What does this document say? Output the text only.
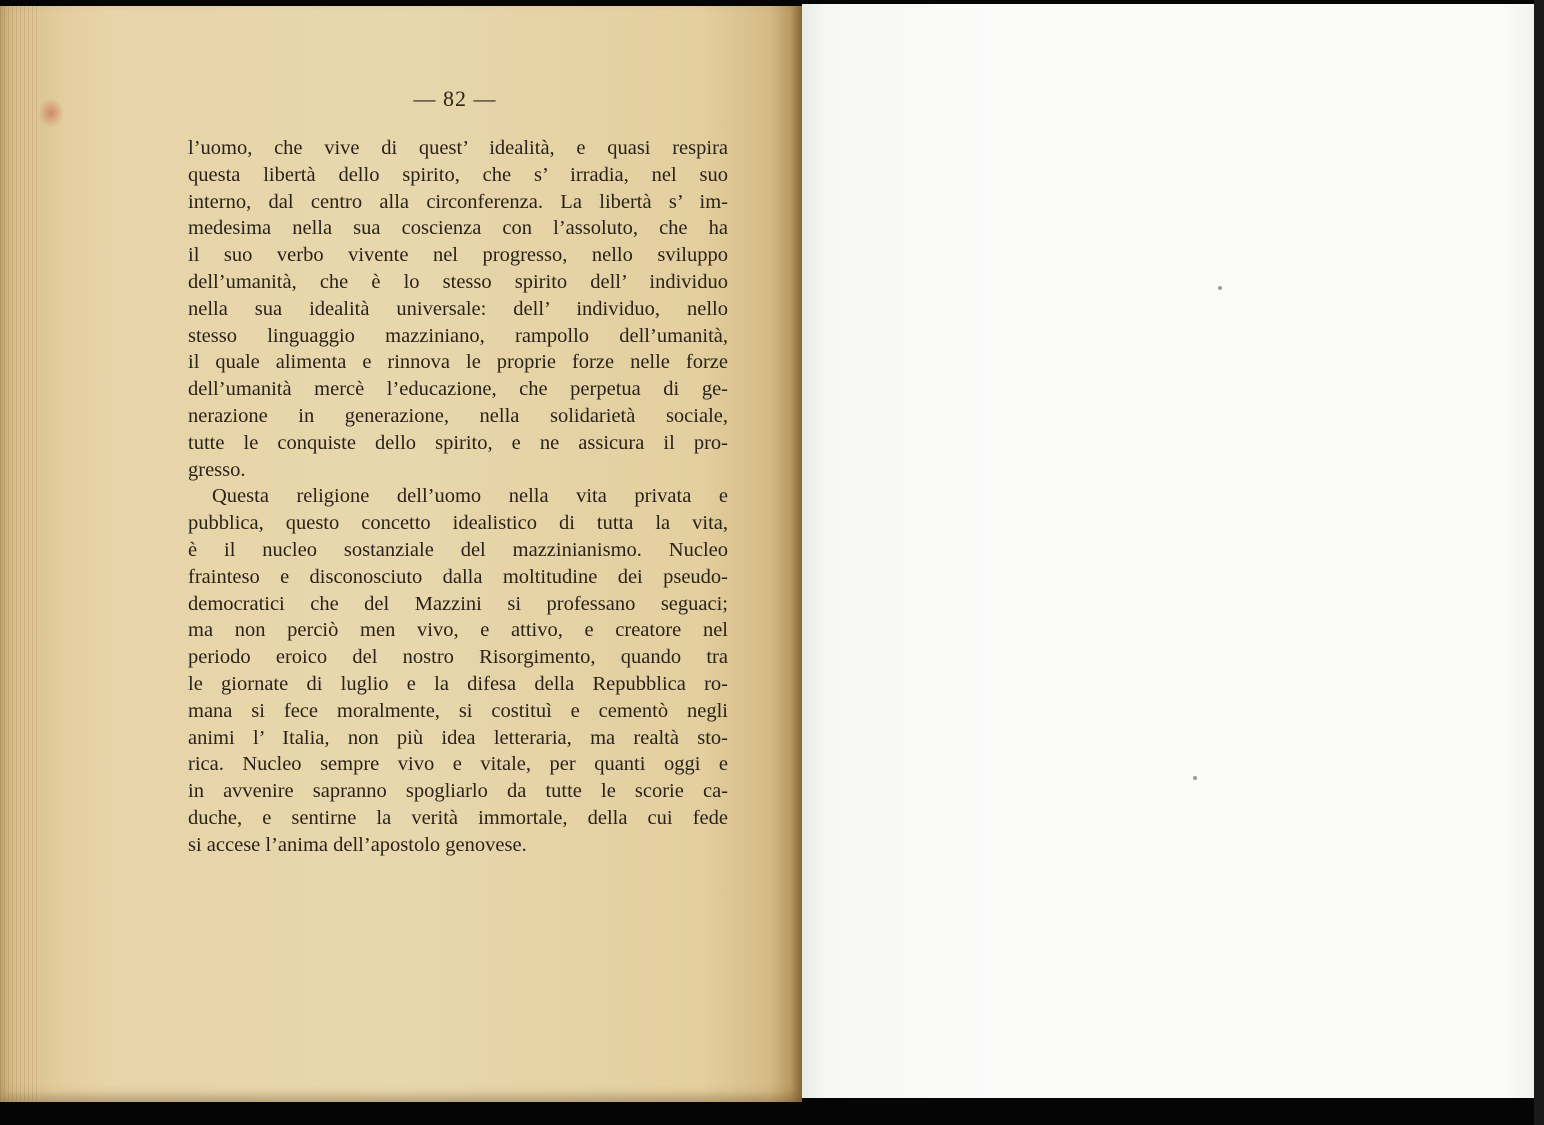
— 82 —
l’uomo, che vive di quest’ idealità, e quasi respira
questa libertà dello spirito, che s’ irradia, nel suo
interno, dal centro alla circonferenza. La libertà s’ im-
medesima nella sua coscienza con l’assoluto, che ha
il suo verbo vivente nel progresso, nello sviluppo
dell’umanità, che è lo stesso spirito dell’ individuo
nella sua idealità universale: dell’ individuo, nello
stesso linguaggio mazziniano, rampollo dell’umanità,
il quale alimenta e rinnova le proprie forze nelle forze
dell’umanità mercè l’educazione, che perpetua di ge-
nerazione in generazione, nella solidarietà sociale,
tutte le conquiste dello spirito, e ne assicura il pro-
gresso.
Questa religione dell’uomo nella vita privata e
pubblica, questo concetto idealistico di tutta la vita,
è il nucleo sostanziale del mazzinianismo. Nucleo
frainteso e disconosciuto dalla moltitudine dei pseudo-
democratici che del Mazzini si professano seguaci;
ma non perciò men vivo, e attivo, e creatore nel
periodo eroico del nostro Risorgimento, quando tra
le giornate di luglio e la difesa della Repubblica ro-
mana si fece moralmente, si costituì e cementò negli
animi l’ Italia, non più idea letteraria, ma realtà sto-
rica. Nucleo sempre vivo e vitale, per quanti oggi e
in avvenire sapranno spogliarlo da tutte le scorie ca-
duche, e sentirne la verità immortale, della cui fede
si accese l’anima dell’apostolo genovese.
